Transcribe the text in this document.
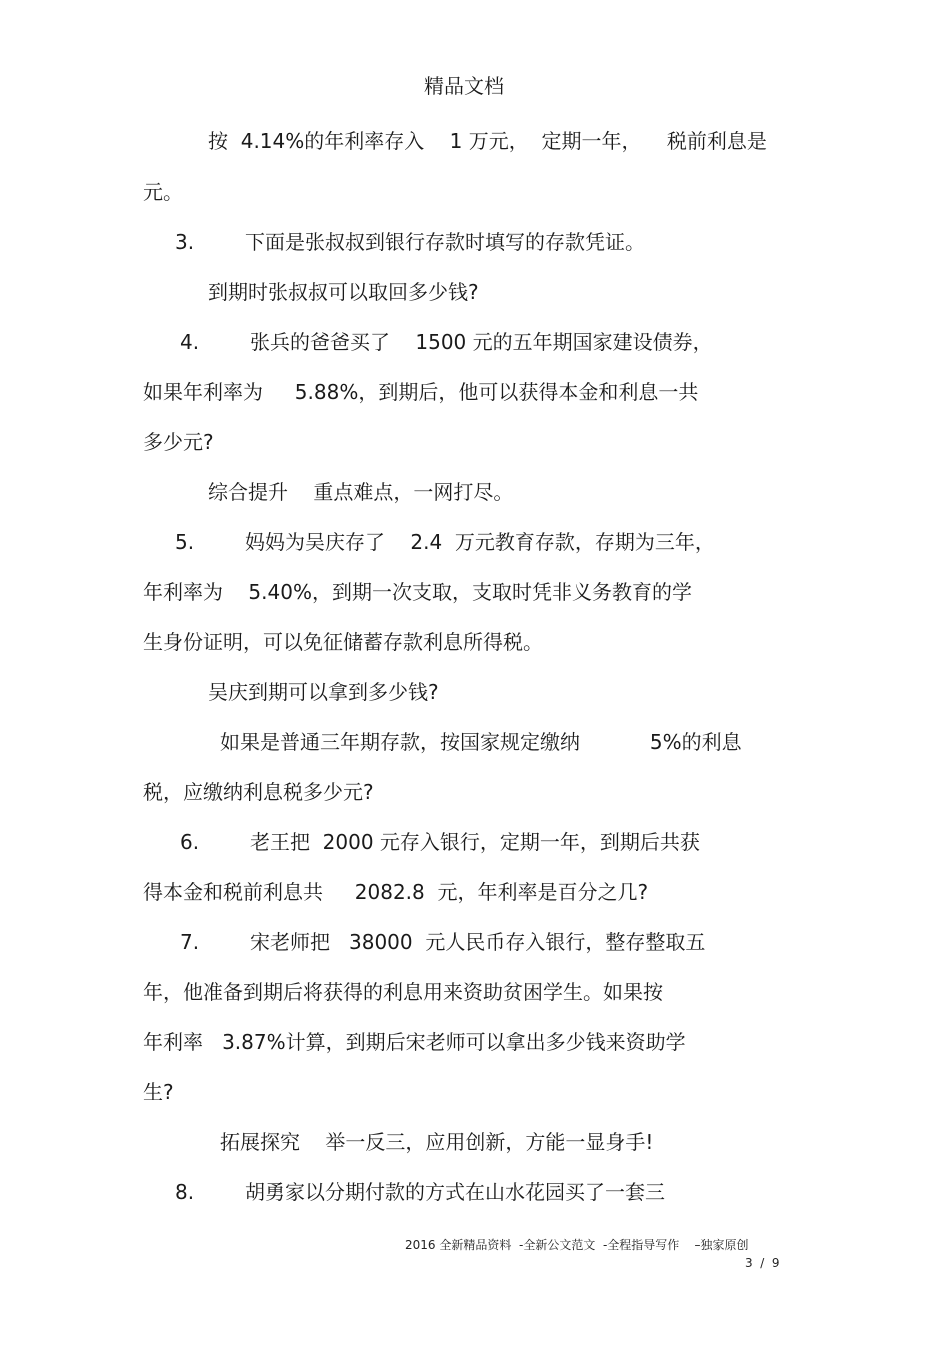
精品文档
按  4.14%的年利率存入    1 万元，  定期一年，    税前利息是
元。
3.        下面是张叔叔到银行存款时填写的存款凭证。
到期时张叔叔可以取回多少钱?
4.        张兵的爸爸买了    1500 元的五年期国家建设债券，
如果年利率为     5.88%，到期后，他可以获得本金和利息一共
多少元?
综合提升    重点难点，一网打尽。
5.        妈妈为吴庆存了    2.4  万元教育存款，存期为三年，
年利率为    5.40%，到期一次支取，支取时凭非义务教育的学
生身份证明，可以免征储蓄存款利息所得税。
吴庆到期可以拿到多少钱?
如果是普通三年期存款，按国家规定缴纳           5%的利息
税，应缴纳利息税多少元?
6.        老王把  2000 元存入银行，定期一年，到期后共获
得本金和税前利息共     2082.8  元，年利率是百分之几?
7.        宋老师把   38000  元人民币存入银行，整存整取五
年，他准备到期后将获得的利息用来资助贫困学生。如果按
年利率   3.87%计算，到期后宋老师可以拿出多少钱来资助学
生?
拓展探究    举一反三，应用创新，方能一显身手!
8.        胡勇家以分期付款的方式在山水花园买了一套三
2016 全新精品资料  -全新公文范文  -全程指导写作    –独家原创
3  /  9
